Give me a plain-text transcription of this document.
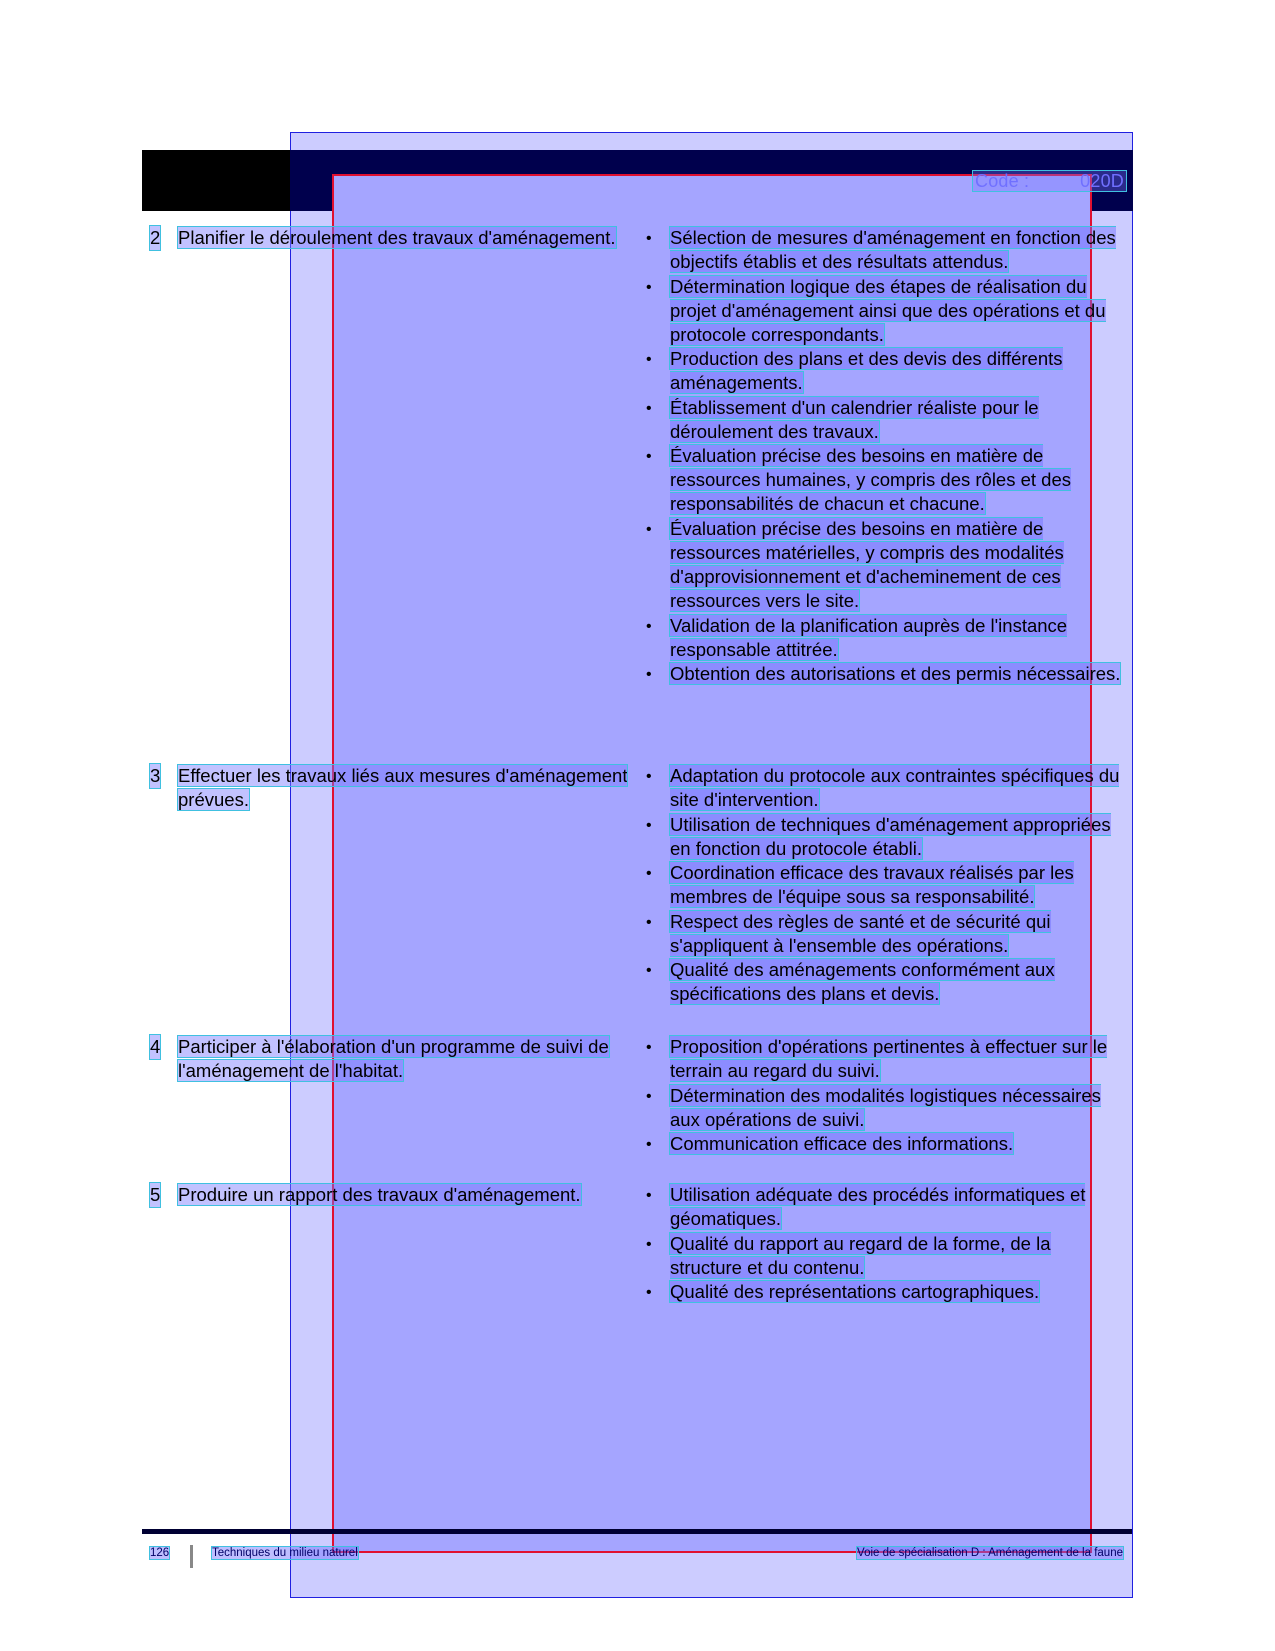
Code :	020D
2 Planifier le déroulement des travaux d'aménagement.	• Sélection de mesures d'aménagement en fonction des objectifs établis et des résultats attendus.
• Détermination logique des étapes de réalisation du projet d'aménagement ainsi que des opérations et du protocole correspondants.
• Production des plans et des devis des différents aménagements.
• Établissement d'un calendrier réaliste pour le déroulement des travaux.
• Évaluation précise des besoins en matière de ressources humaines, y compris des rôles et des responsabilités de chacun et chacune.
• Évaluation précise des besoins en matière de ressources matérielles, y compris des modalités d'approvisionnement et d'acheminement de ces ressources vers le site.
• Validation de la planification auprès de l'instance responsable attitrée.
• Obtention des autorisations et des permis nécessaires.
3 Effectuer les travaux liés aux mesures d'aménagement prévues.
• Adaptation du protocole aux contraintes spécifiques du site d'intervention.
• Utilisation de techniques d'aménagement appropriées en fonction du protocole établi.
• Coordination efficace des travaux réalisés par les membres de l'équipe sous sa responsabilité.
• Respect des règles de santé et de sécurité qui s'appliquent à l'ensemble des opérations.
• Qualité des aménagements conformément aux spécifications des plans et devis.
4 Participer à l'élaboration d'un programme de suivi de l'aménagement de l'habitat.
• Proposition d'opérations pertinentes à effectuer sur le terrain au regard du suivi.
• Détermination des modalités logistiques nécessaires aux opérations de suivi.
• Communication efficace des informations.
5 Produire un rapport des travaux d'aménagement.	• Utilisation adéquate des procédés informatiques et géomatiques.
• Qualité du rapport au regard de la forme, de la structure et du contenu.
• Qualité des représentations cartographiques.
126	Techniques du milieu naturel	Voie de spécialisation D : Aménagement de la faune
